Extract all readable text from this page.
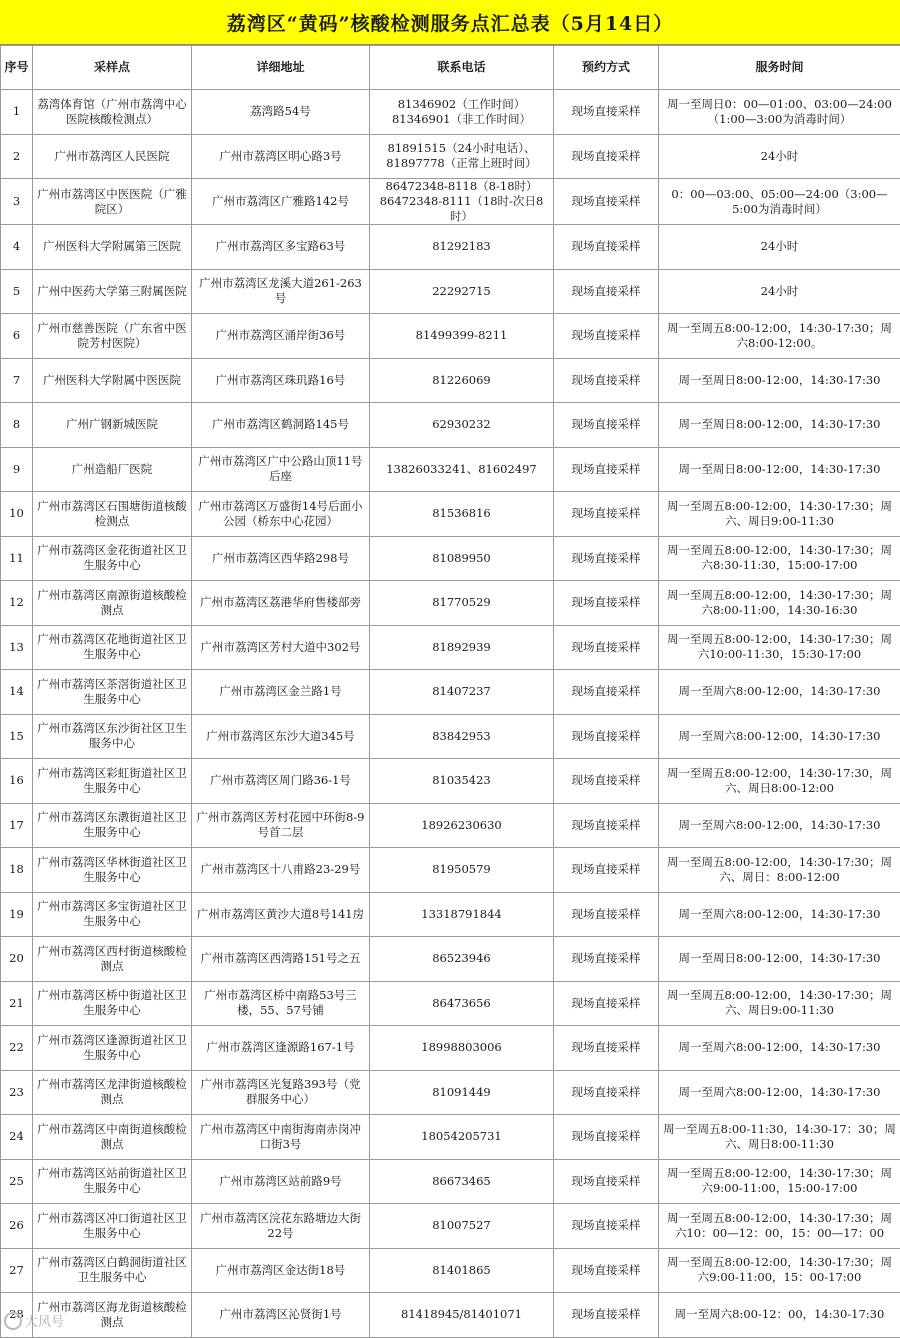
荔湾区“黄码”核酸检测服务点汇总表（5月14日）
序号	采样点	详细地址	联系电话	预约方式	服务时间
1	荔湾体育馆（广州市荔湾中心医院核酸检测点）	荔湾路54号	81346902（工作时间）
81346901（非工作时间）	现场直接采样	周一至周日0：00—01:00、03:00—24:00
（1:00—3:00为消毒时间）
2	广州市荔湾区人民医院	广州市荔湾区明心路3号	81891515（24小时电话）、
81897778（正常上班时间）	现场直接采样	24小时
3	广州市荔湾区中医医院（广雅院区）	广州市荔湾区广雅路142号	86472348-8118（8-18时）
86472348-8111（18时-次日8时）	现场直接采样	0：00—03:00、05:00—24:00（3:00—5:00为消毒时间）
4	广州医科大学附属第三医院	广州市荔湾区多宝路63号	81292183	现场直接采样	24小时
5	广州中医药大学第三附属医院	广州市荔湾区龙溪大道261-263号	22292715	现场直接采样	24小时
6	广州市慈善医院（广东省中医院芳村医院）	广州市荔湾区涌岸街36号	81499399-8211	现场直接采样	周一至周五8:00-12:00，14:30-17:30；周六8:00-12:00。
7	广州医科大学附属中医医院	广州市荔湾区珠玑路16号	81226069	现场直接采样	周一至周日8:00-12:00，14:30-17:30
8	广州广钢新城医院	广州市荔湾区鹤洞路145号	62930232	现场直接采样	周一至周日8:00-12:00，14:30-17:30
9	广州造船厂医院	广州市荔湾区广中公路山顶11号后座	13826033241、81602497	现场直接采样	周一至周日8:00-12:00，14:30-17:30
10	广州市荔湾区石围塘街道核酸检测点	广州市荔湾区万盛街14号后面小公园（桥东中心花园）	81536816	现场直接采样	周一至周五8:00-12:00，14:30-17:30；周六、周日9:00-11:30
11	广州市荔湾区金花街道社区卫生服务中心	广州市荔湾区西华路298号	81089950	现场直接采样	周一至周五8:00-12:00，14:30-17:30；周六8:30-11:30，15:00-17:00
12	广州市荔湾区南源街道核酸检测点	广州市荔湾区荔港华府售楼部旁	81770529	现场直接采样	周一至周五8:00-12:00，14:30-17:30；周六8:00-11:00，14:30-16:30
13	广州市荔湾区花地街道社区卫生服务中心	广州市荔湾区芳村大道中302号	81892939	现场直接采样	周一至周五8:00-12:00，14:30-17:30；周六10:00-11:30，15:30-17:00
14	广州市荔湾区茶滘街道社区卫生服务中心	广州市荔湾区金兰路1号	81407237	现场直接采样	周一至周六8:00-12:00，14:30-17:30
15	广州市荔湾区东沙街社区卫生服务中心	广州市荔湾区东沙大道345号	83842953	现场直接采样	周一至周六8:00-12:00，14:30-17:30
16	广州市荔湾区彩虹街道社区卫生服务中心	广州市荔湾区周门路36-1号	81035423	现场直接采样	周一至周五8:00-12:00，14:30-17:30，周六、周日8:00-12:00
17	广州市荔湾区东漖街道社区卫生服务中心	广州市荔湾区芳村花园中环街8-9号首二层	18926230630	现场直接采样	周一至周六8:00-12:00，14:30-17:30
18	广州市荔湾区华林街道社区卫生服务中心	广州市荔湾区十八甫路23-29号	81950579	现场直接采样	周一至周五8:00-12:00，14:30-17:30；周六、周日：8:00-12:00
19	广州市荔湾区多宝街道社区卫生服务中心	广州市荔湾区黄沙大道8号141房	13318791844	现场直接采样	周一至周六8:00-12:00，14:30-17:30
20	广州市荔湾区西村街道核酸检测点	广州市荔湾区西湾路151号之五	86523946	现场直接采样	周一至周日8:00-12:00，14:30-17:30
21	广州市荔湾区桥中街道社区卫生服务中心	广州市荔湾区桥中南路53号三楼，55、57号铺	86473656	现场直接采样	周一至周五8:00-12:00，14:30-17:30；周六、周日9:00-11:30
22	广州市荔湾区逢源街道社区卫生服务中心	广州市荔湾区逢源路167-1号	18998803006	现场直接采样	周一至周六8:00-12:00，14:30-17:30
23	广州市荔湾区龙津街道核酸检测点	广州市荔湾区光复路393号（党群服务中心）	81091449	现场直接采样	周一至周六8:00-12:00，14:30-17:30
24	广州市荔湾区中南街道核酸检测点	广州市荔湾区中南街海南赤岗冲口街3号	18054205731	现场直接采样	周一至周五8:00-11:30，14:30-17：30；周六、周日8:00-11:30
25	广州市荔湾区站前街道社区卫生服务中心	广州市荔湾区站前路9号	86673465	现场直接采样	周一至周五8:00-12:00，14:30-17:30；周六9:00-11:00，15:00-17:00
26	广州市荔湾区冲口街道社区卫生服务中心	广州市荔湾区浣花东路塘边大街22号	81007527	现场直接采样	周一至周五8:00-12:00，14:30-17:30；周六10：00—12：00，15：00—17：00
27	广州市荔湾区白鹤洞街道社区卫生服务中心	广州市荔湾区金达街18号	81401865	现场直接采样	周一至周五8:00-12:00，14:30-17:30；周六9:00-11:00，15：00-17:00
28	广州市荔湾区海龙街道核酸检测点	广州市荔湾区沁贤街1号	81418945/81401071	现场直接采样	周一至周六8:00-12：00，14:30-17:30
大风号
